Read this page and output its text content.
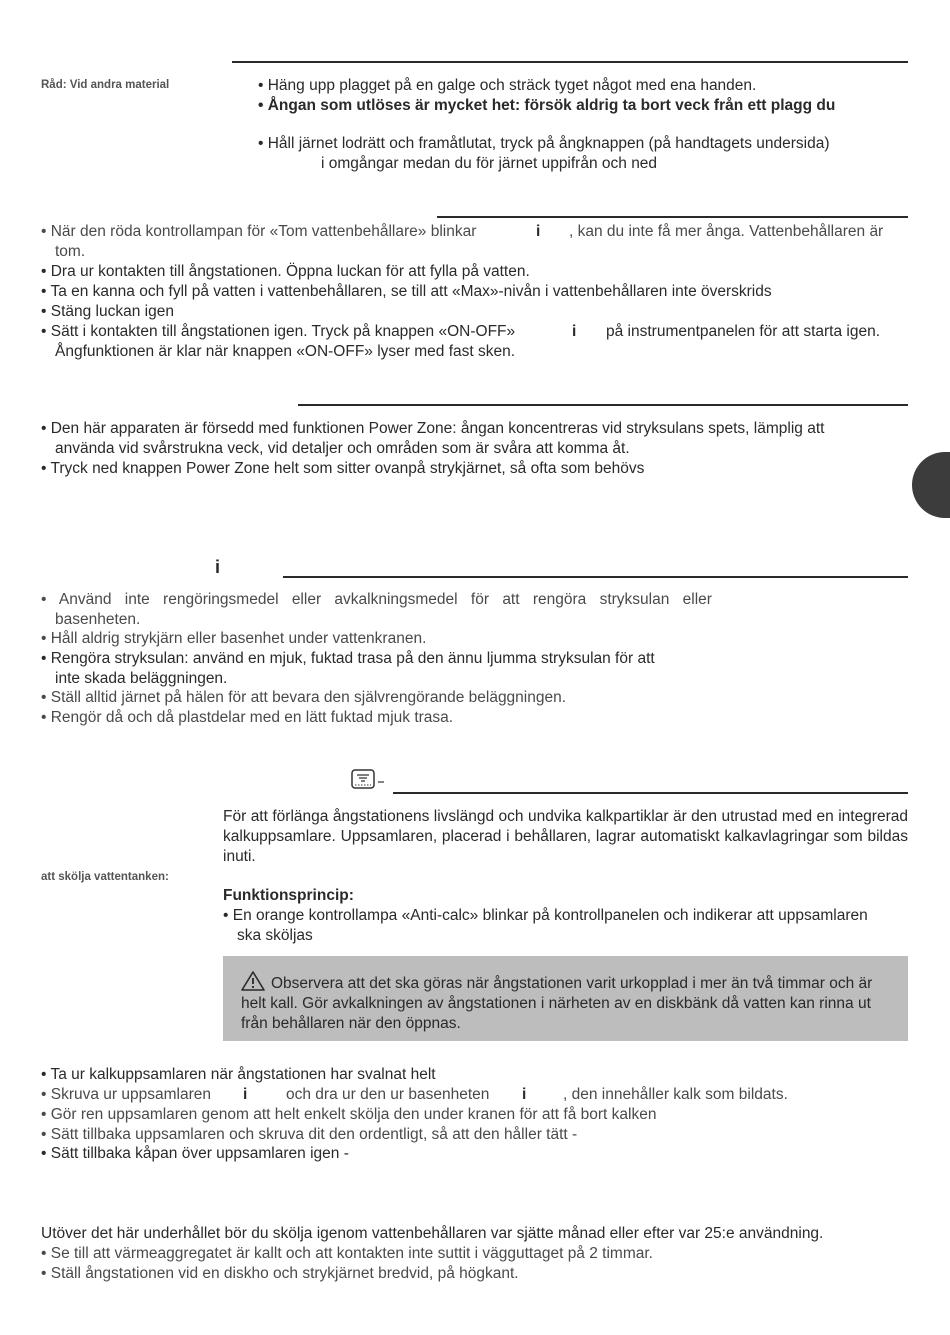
Råd: Vid andra material	• Häng upp plagget på en galge och sträck tyget något med ena handen.
• Ångan som utlöses är mycket het: försök aldrig ta bort veck från ett plagg du
• Håll järnet lodrätt och framåtlutat, tryck på ångknappen (på handtagets undersida)
i omgångar medan du för järnet uppifrån och ned
• När den röda kontrollampan för «Tom vattenbehållare» blinkar	i , kan du inte få mer ånga. Vattenbehållaren är
tom.
• Dra ur kontakten till ångstationen. Öppna luckan för att fylla på vatten.
• Ta en kanna och fyll på vatten i vattenbehållaren, se till att «Max»-nivån i vattenbehållaren inte överskrids
• Stäng luckan igen
• Sätt i kontakten till ångstationen igen. Tryck på knappen «ON-OFF»	i på instrumentpanelen för att starta igen.
Ångfunktionen är klar när knappen «ON-OFF» lyser med fast sken.
• Den här apparaten är försedd med funktionen Power Zone: ångan koncentreras vid stryksulans spets, lämplig att
använda vid svårstrukna veck, vid detaljer och områden som är svåra att komma åt.
• Tryck ned knappen Power Zone helt som sitter ovanpå strykjärnet, så ofta som behövs
i
• Använd inte rengöringsmedel eller avkalkningsmedel för att rengöra stryksulan eller
basenheten.
• Håll aldrig strykjärn eller basenhet under vattenkranen.
• Rengöra stryksulan: använd en mjuk, fuktad trasa på den ännu ljumma stryksulan för att
inte skada beläggningen.
• Ställ alltid järnet på hälen för att bevara den självrengörande beläggningen.
• Rengör då och då plastdelar med en lätt fuktad mjuk trasa.
För att förlänga ångstationens livslängd och undvika kalkpartiklar är den utrustad med en integrerad kalkuppsamlare. Uppsamlaren, placerad i behållaren, lagrar automatiskt kalkavlagringar som bildas inuti.
att skölja vattentanken:
Funktionsprincip:
• En orange kontrollampa «Anti-calc» blinkar på kontrollpanelen och indikerar att uppsamlaren
ska sköljas
Observera att det ska göras när ångstationen varit urkopplad i mer än två timmar och är helt kall. Gör avkalkningen av ångstationen i närheten av en diskbänk då vatten kan rinna ut från behållaren när den öppnas.
• Ta ur kalkuppsamlaren när ångstationen har svalnat helt
• Skruva ur uppsamlaren i och dra ur den ur basenheten i , den innehåller kalk som bildats.
• Gör ren uppsamlaren genom att helt enkelt skölja den under kranen för att få bort kalken
• Sätt tillbaka uppsamlaren och skruva dit den ordentligt, så att den håller tätt -
• Sätt tillbaka kåpan över uppsamlaren igen -
Utöver det här underhållet bör du skölja igenom vattenbehållaren var sjätte månad eller efter var 25:e användning.
• Se till att värmeaggregatet är kallt och att kontakten inte suttit i vägguttaget på 2 timmar.
• Ställ ångstationen vid en diskho och strykjärnet bredvid, på högkant.
